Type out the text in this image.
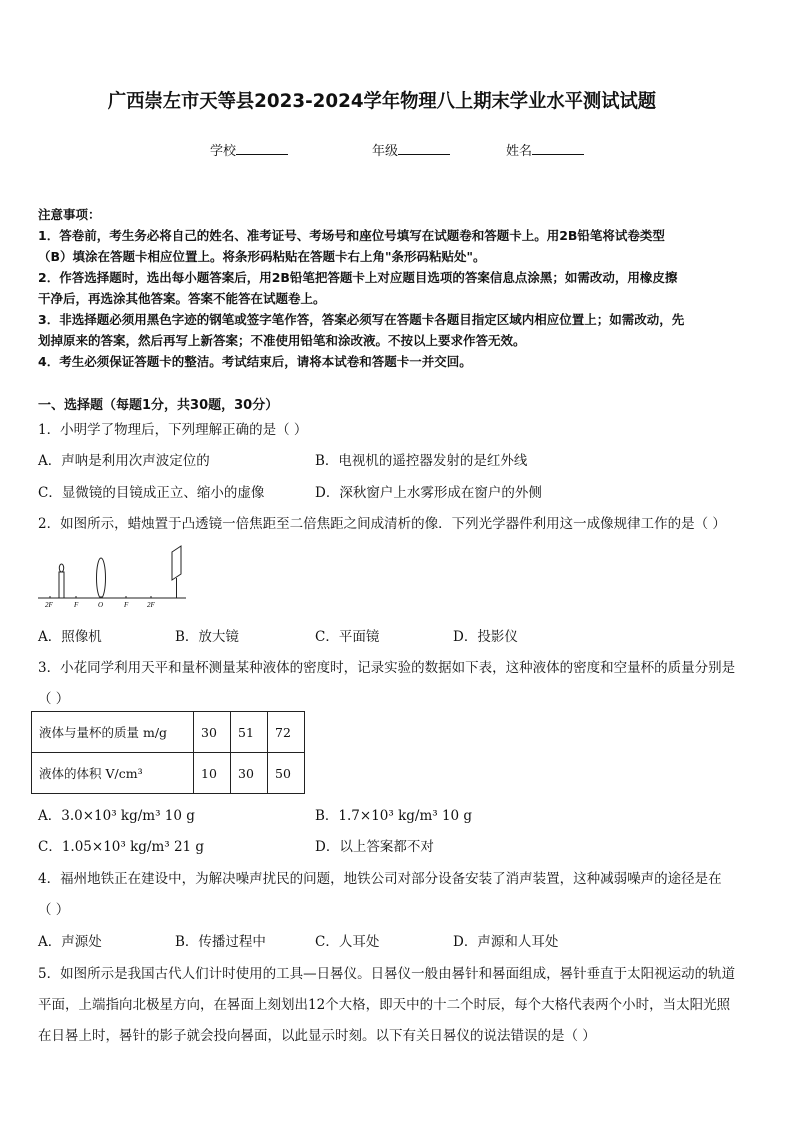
广西崇左市天等县2023-2024学年物理八上期末学业水平测试试题
学校	年级	姓名
注意事项：
1．答卷前，考生务必将自己的姓名、准考证号、考场号和座位号填写在试题卷和答题卡上。用2B铅笔将试卷类型
（B）填涂在答题卡相应位置上。将条形码粘贴在答题卡右上角"条形码粘贴处"。
2．作答选择题时，选出每小题答案后，用2B铅笔把答题卡上对应题目选项的答案信息点涂黑；如需改动，用橡皮擦
干净后，再选涂其他答案。答案不能答在试题卷上。
3．非选择题必须用黑色字迹的钢笔或签字笔作答，答案必须写在答题卡各题目指定区域内相应位置上；如需改动，先
划掉原来的答案，然后再写上新答案；不准使用铅笔和涂改液。不按以上要求作答无效。
4．考生必须保证答题卡的整洁。考试结束后，请将本试卷和答题卡一并交回。
一、选择题（每题1分，共30题，30分）
1．小明学了物理后，下列理解正确的是（ ）
A．声呐是利用次声波定位的	B．电视机的遥控器发射的是红外线
C．显微镜的目镜成正立、缩小的虚像	D．深秋窗户上水雾形成在窗户的外侧
2．如图所示，蜡烛置于凸透镜一倍焦距至二倍焦距之间成清析的像．下列光学器件利用这一成像规律工作的是（ ）
2F	F	O	F	2F
A．照像机	B．放大镜	C．平面镜	D．投影仪
3．小花同学利用天平和量杯测量某种液体的密度时，记录实验的数据如下表，这种液体的密度和空量杯的质量分别是
（ ）
液体与量杯的质量 m/g	30	51	72
液体的体积 V/cm³	10	30	50
A．3.0×10³ kg/m³ 10 g	B．1.7×10³ kg/m³ 10 g
C．1.05×10³ kg/m³ 21 g	D．以上答案都不对
4．福州地铁正在建设中，为解决噪声扰民的问题，地铁公司对部分设备安装了消声装置，这种减弱噪声的途径是在
（ ）
A．声源处	B．传播过程中	C．人耳处	D．声源和人耳处
5．如图所示是我国古代人们计时使用的工具—日晷仪。日晷仪一般由晷针和晷面组成，晷针垂直于太阳视运动的轨道
平面，上端指向北极星方向，在晷面上刻划出12个大格，即天中的十二个时辰，每个大格代表两个小时，当太阳光照
在日晷上时，晷针的影子就会投向晷面，以此显示时刻。以下有关日晷仪的说法错误的是（ ）
